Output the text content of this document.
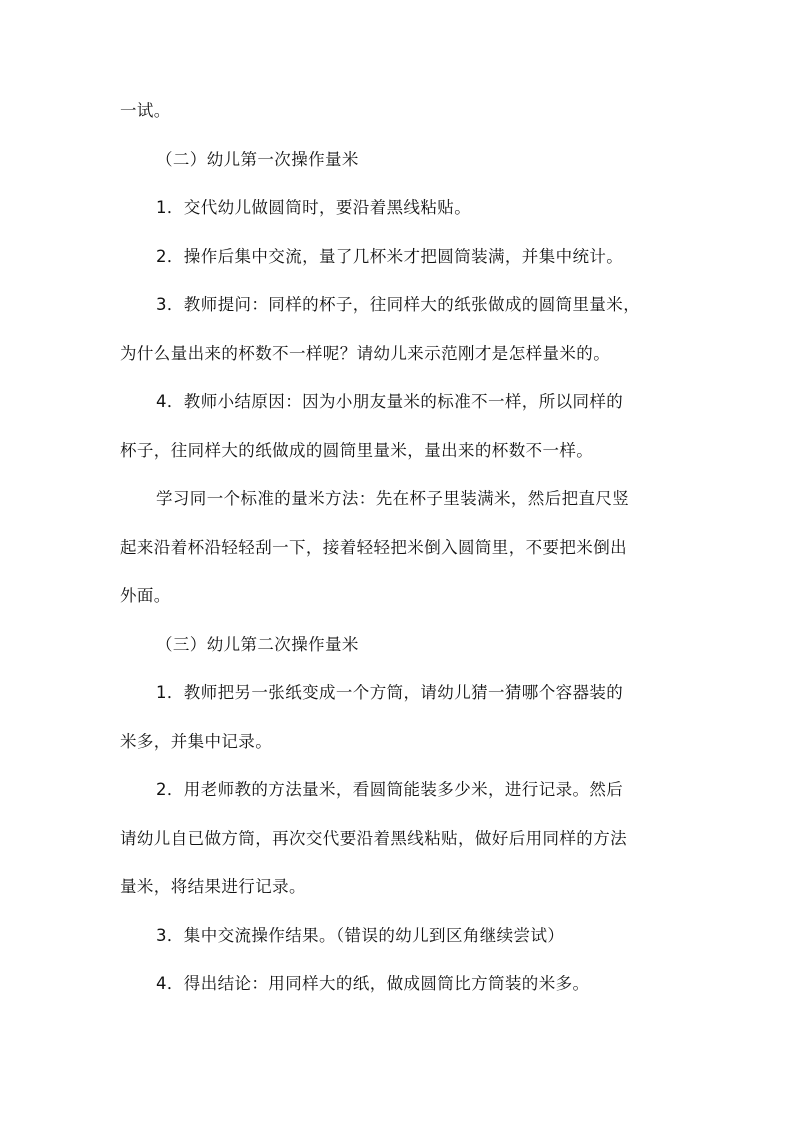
一试。

（二）幼儿第一次操作量米

1．交代幼儿做圆筒时，要沿着黑线粘贴。

2．操作后集中交流，量了几杯米才把圆筒装满，并集中统计。

3．教师提问：同样的杯子，往同样大的纸张做成的圆筒里量米，
为什么量出来的杯数不一样呢？请幼儿来示范刚才是怎样量米的。

4．教师小结原因：因为小朋友量米的标准不一样，所以同样的
杯子，往同样大的纸做成的圆筒里量米，量出来的杯数不一样。

学习同一个标准的量米方法：先在杯子里装满米，然后把直尺竖
起来沿着杯沿轻轻刮一下，接着轻轻把米倒入圆筒里，不要把米倒出
外面。

（三）幼儿第二次操作量米

1．教师把另一张纸变成一个方筒，请幼儿猜一猜哪个容器装的
米多，并集中记录。

2．用老师教的方法量米，看圆筒能装多少米，进行记录。然后
请幼儿自已做方筒，再次交代要沿着黑线粘贴，做好后用同样的方法
量米，将结果进行记录。

3．集中交流操作结果。（错误的幼儿到区角继续尝试）

4．得出结论：用同样大的纸，做成圆筒比方筒装的米多。
